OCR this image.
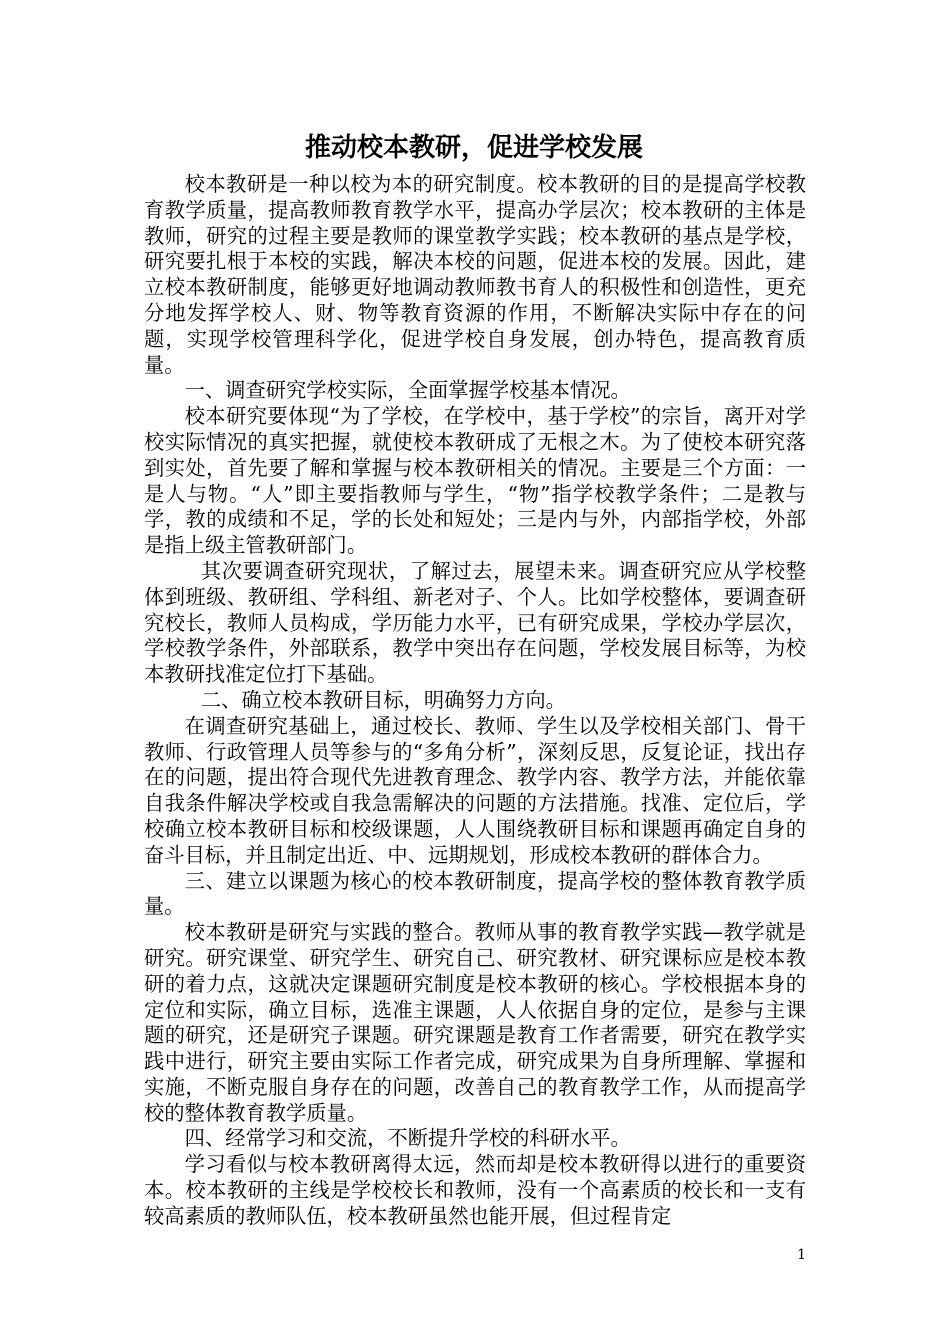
推动校本教研，促进学校发展

校本教研是一种以校为本的研究制度。校本教研的目的是提高学校教育教学质量，提高教师教育教学水平，提高办学层次；校本教研的主体是教师，研究的过程主要是教师的课堂教学实践；校本教研的基点是学校，研究要扎根于本校的实践，解决本校的问题，促进本校的发展。因此，建立校本教研制度，能够更好地调动教师教书育人的积极性和创造性，更充分地发挥学校人、财、物等教育资源的作用，不断解决实际中存在的问题，实现学校管理科学化，促进学校自身发展，创办特色，提高教育质量。

一、调查研究学校实际，全面掌握学校基本情况。

校本研究要体现“为了学校，在学校中，基于学校”的宗旨，离开对学校实际情况的真实把握，就使校本教研成了无根之木。为了使校本研究落到实处，首先要了解和掌握与校本教研相关的情况。主要是三个方面：一是人与物。“人”即主要指教师与学生，“物”指学校教学条件；二是教与学，教的成绩和不足，学的长处和短处；三是内与外，内部指学校，外部是指上级主管教研部门。

其次要调查研究现状，了解过去，展望未来。调查研究应从学校整体到班级、教研组、学科组、新老对子、个人。比如学校整体，要调查研究校长，教师人员构成，学历能力水平，已有研究成果，学校办学层次，学校教学条件，外部联系，教学中突出存在问题，学校发展目标等，为校本教研找准定位打下基础。

二、确立校本教研目标，明确努力方向。

在调查研究基础上，通过校长、教师、学生以及学校相关部门、骨干教师、行政管理人员等参与的“多角分析”，深刻反思，反复论证，找出存在的问题，提出符合现代先进教育理念、教学内容、教学方法，并能依靠自我条件解决学校或自我急需解决的问题的方法措施。找准、定位后，学校确立校本教研目标和校级课题，人人围绕教研目标和课题再确定自身的奋斗目标，并且制定出近、中、远期规划，形成校本教研的群体合力。

三、建立以课题为核心的校本教研制度，提高学校的整体教育教学质量。

校本教研是研究与实践的整合。教师从事的教育教学实践—教学就是研究。研究课堂、研究学生、研究自己、研究教材、研究课标应是校本教研的着力点，这就决定课题研究制度是校本教研的核心。学校根据本身的定位和实际，确立目标，选准主课题，人人依据自身的定位，是参与主课题的研究，还是研究子课题。研究课题是教育工作者需要，研究在教学实践中进行，研究主要由实际工作者完成，研究成果为自身所理解、掌握和实施，不断克服自身存在的问题，改善自己的教育教学工作，从而提高学校的整体教育教学质量。

四、经常学习和交流，不断提升学校的科研水平。

学习看似与校本教研离得太远，然而却是校本教研得以进行的重要资本。校本教研的主线是学校校长和教师，没有一个高素质的校长和一支有较高素质的教师队伍，校本教研虽然也能开展，但过程肯定

1
